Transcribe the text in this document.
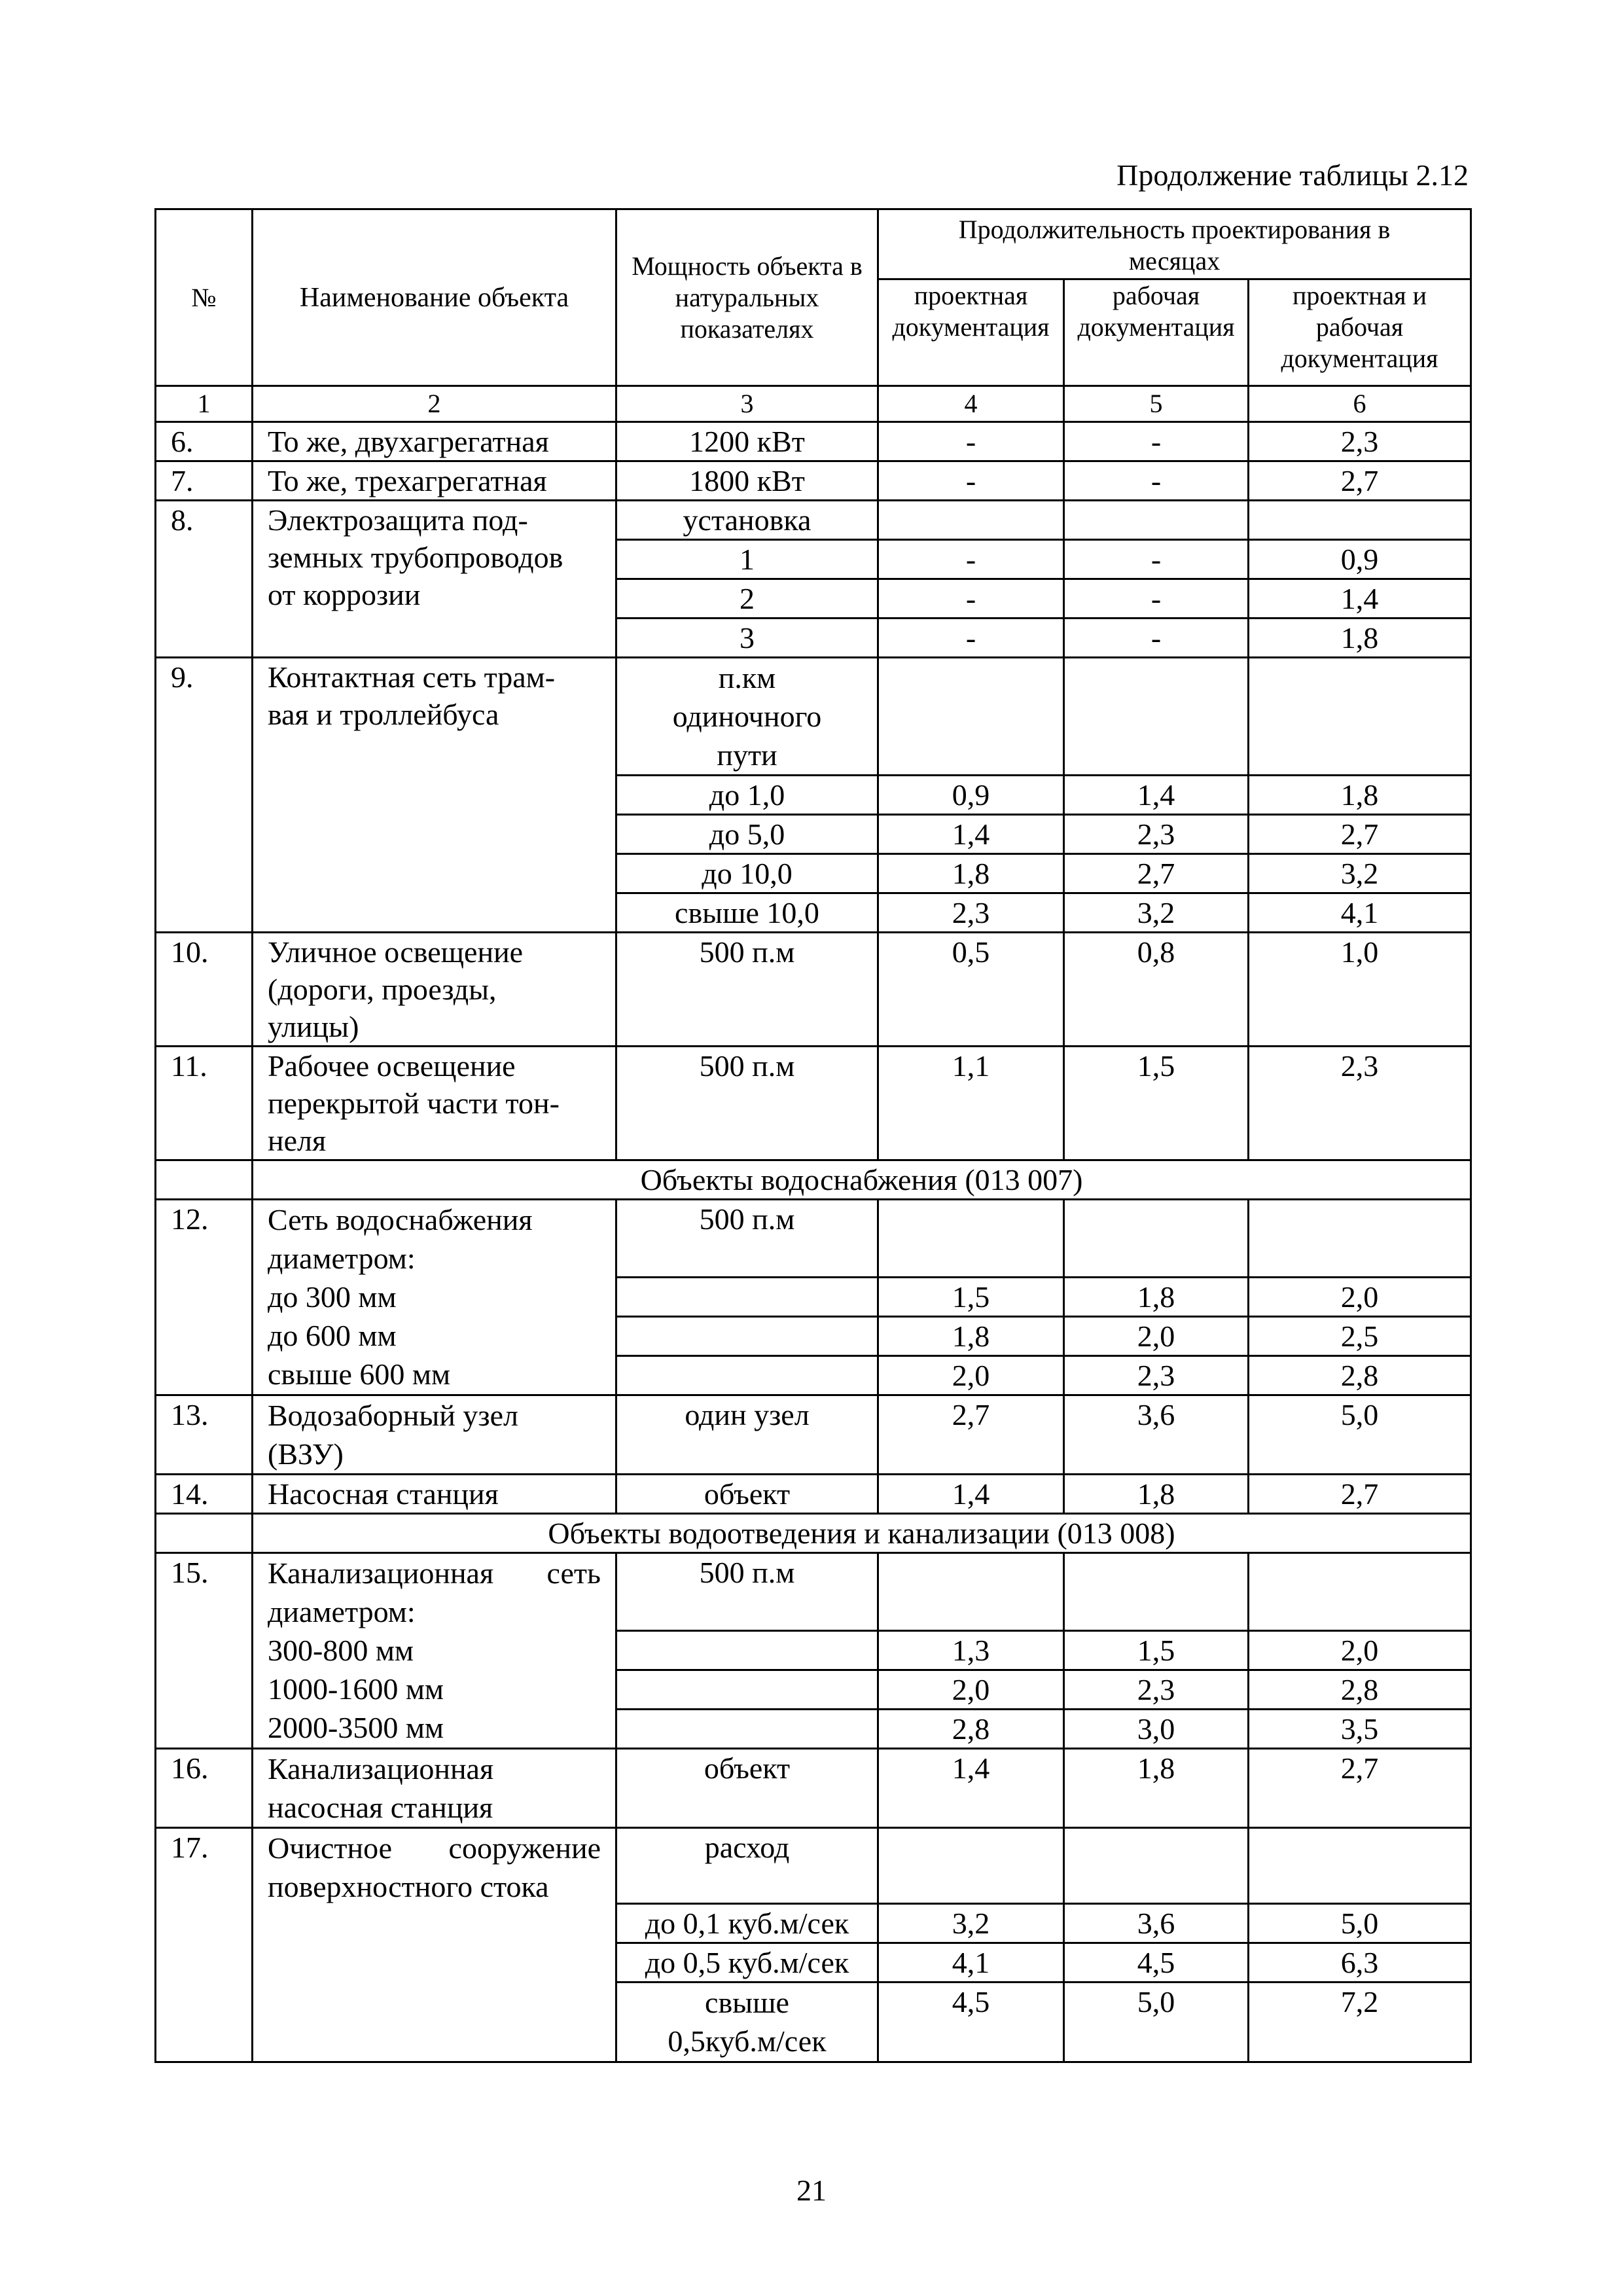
Продолжение таблицы 2.12
№	Наименование объекта	Мощность объекта в натуральных показателях	Продолжительность проектирования в месяцах		
			проектная документация	рабочая документация	проектная и рабочая документация
1	2	3	4	5	6
6.	То же, двухагрегатная	1200 кВт	-	-	2,3
7.	То же, трехагрегатная	1800 кВт	-	-	2,7
8.	Электрозащита под-
земных трубопроводов
от коррозии	установка			
		1	-	-	0,9
		2	-	-	1,4
		3	-	-	1,8
9.	Контактная сеть трам-
вая и троллейбуса	п.км
одиночного
пути			

		до 1,0	0,9	1,4	1,8
		до 5,0	1,4	2,3	2,7
		до 10,0	1,8	2,7	3,2
		свыше 10,0	2,3	3,2	4,1
10.	Уличное освещение
(дороги, проезды,
улицы)	500 п.м	0,5	0,8	1,0
11.	Рабочее освещение
перекрытой части тон-
неля	500 п.м	1,1	1,5	2,3
	Объекты водоснабжения (013 007)				
12.	Сеть водоснабжения
диаметром:
до 300 мм
до 600 мм
свыше 600 мм	500 п.м			
			1,5	1,8	2,0
			1,8	2,0	2,5
			2,0	2,3	2,8
13.	Водозаборный узел
(ВЗУ)	один узел	2,7	3,6	5,0
14.	Насосная станция	объект	1,4	1,8	2,7
	Объекты водоотведения и канализации (013 008)				
15.	Канализационная сеть
диаметром:
300-800 мм
1000-1600 мм
2000-3500 мм	500 п.м			
			1,3	1,5	2,0
			2,0	2,3	2,8
			2,8	3,0	3,5
16.	Канализационная
насосная станция	объект	1,4	1,8	2,7
17.	Очистное сооружение
поверхностного стока	расход			
		до 0,1 куб.м/сек	3,2	3,6	5,0
		до 0,5 куб.м/сек	4,1	4,5	6,3

		свыше
0,5куб.м/сек	4,5	5,0	7,2
21
